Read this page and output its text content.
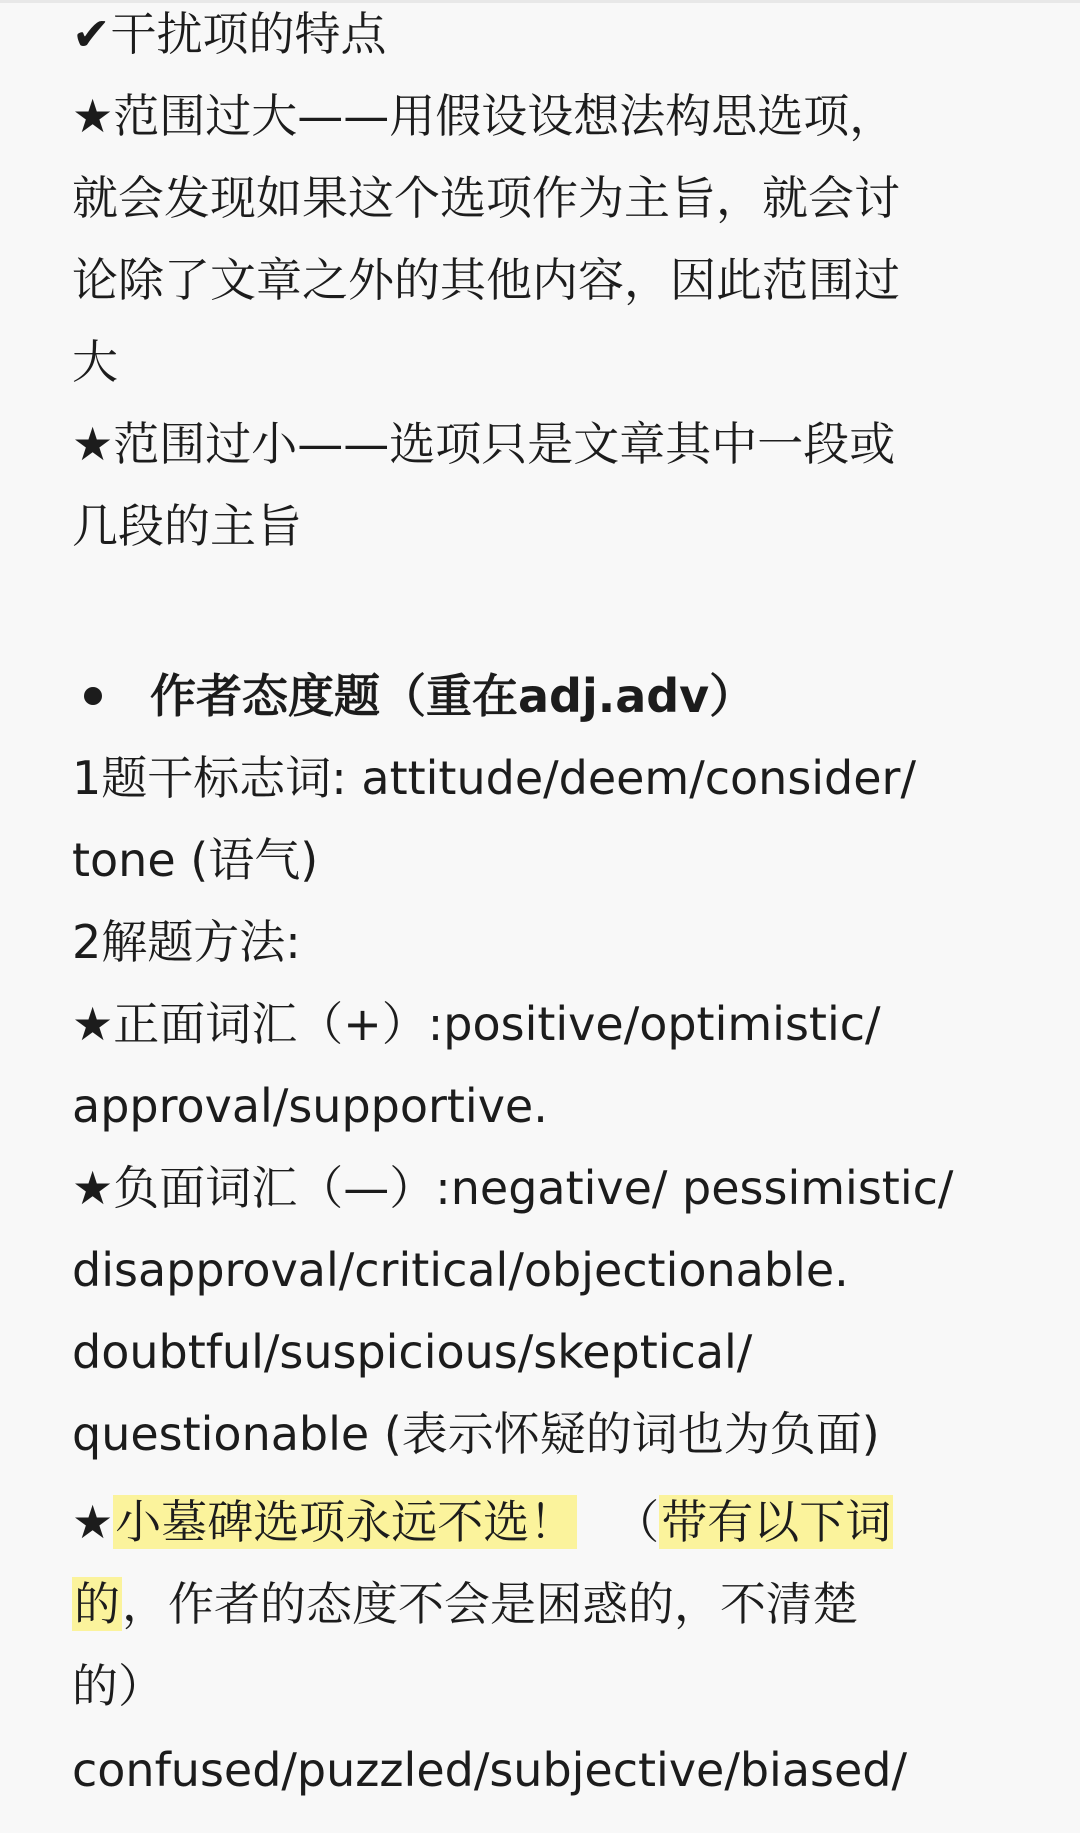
✔干扰项的特点
★范围过大——用假设设想法构思选项，
就会发现如果这个选项作为主旨，就会讨
论除了文章之外的其他内容，因此范围过
大
★范围过小——选项只是文章其中一段或
几段的主旨
作者态度题（重在adj.adv）
1题干标志词: attitude/deem/consider/
tone (语气)
2解题方法:
★正面词汇（+）:positive/optimistic/
approval/supportive.
★负面词汇（—）:negative/ pessimistic/
disapproval/critical/objectionable.
doubtful/suspicious/skeptical/
questionable (表示怀疑的词也为负面)
★小墓碑选项永远不选！ （带有以下词
的，作者的态度不会是困惑的，不清楚
的）
confused/puzzled/subjective/biased/
